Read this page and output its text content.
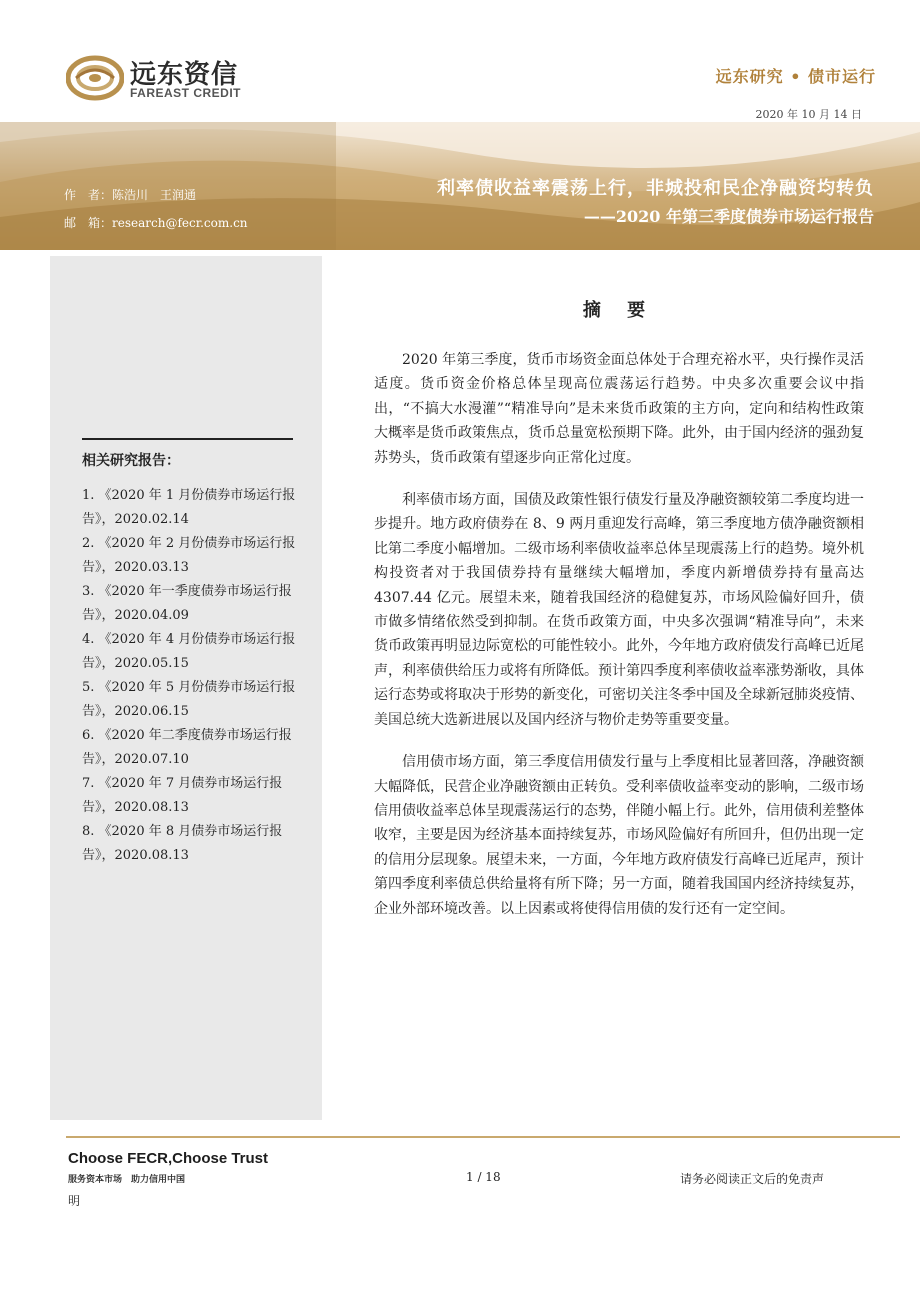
远东资信
FAREAST CREDIT
远东研究 • 债市运行
2020 年 10 月 14 日
作　者：陈浩川　王润通
邮　箱：research@fecr.com.cn
利率债收益率震荡上行，非城投和民企净融资均转负
——2020 年第三季度债券市场运行报告
相关研究报告：
1. 《2020 年 1 月份债券市场运行报告》，2020.02.14
2. 《2020 年 2 月份债券市场运行报告》，2020.03.13
3. 《2020 年一季度债券市场运行报告》，2020.04.09
4. 《2020 年 4 月份债券市场运行报告》，2020.05.15
5. 《2020 年 5 月份债券市场运行报告》，2020.06.15
6. 《2020 年二季度债券市场运行报告》，2020.07.10
7. 《2020 年 7 月债券市场运行报告》，2020.08.13
8. 《2020 年 8 月债券市场运行报告》，2020.08.13
摘 要

2020 年第三季度，货币市场资金面总体处于合理充裕水平，央行操作灵活适度。货币资金价格总体呈现高位震荡运行趋势。中央多次重要会议中指出，“不搞大水漫灌”“精准导向”是未来货币政策的主方向，定向和结构性政策大概率是货币政策焦点，货币总量宽松预期下降。此外，由于国内经济的强劲复苏势头，货币政策有望逐步向正常化过度。

利率债市场方面，国债及政策性银行债发行量及净融资额较第二季度均进一步提升。地方政府债券在 8、9 两月重迎发行高峰，第三季度地方债净融资额相比第二季度小幅增加。二级市场利率债收益率总体呈现震荡上行的趋势。境外机构投资者对于我国债券持有量继续大幅增加，季度内新增债券持有量高达 4307.44 亿元。展望未来，随着我国经济的稳健复苏，市场风险偏好回升，债市做多情绪依然受到抑制。在货币政策方面，中央多次强调“精准导向”，未来货币政策再明显边际宽松的可能性较小。此外，今年地方政府债发行高峰已近尾声，利率债供给压力或将有所降低。预计第四季度利率债收益率涨势渐收，具体运行态势或将取决于形势的新变化，可密切关注冬季中国及全球新冠肺炎疫情、美国总统大选新进展以及国内经济与物价走势等重要变量。

信用债市场方面，第三季度信用债发行量与上季度相比显著回落，净融资额大幅降低，民营企业净融资额由正转负。受利率债收益率变动的影响，二级市场信用债收益率总体呈现震荡运行的态势，伴随小幅上行。此外，信用债利差整体收窄，主要是因为经济基本面持续复苏，市场风险偏好有所回升，但仍出现一定的信用分层现象。展望未来，一方面，今年地方政府债发行高峰已近尾声，预计第四季度利率债总供给量将有所下降；另一方面，随着我国国内经济持续复苏，企业外部环境改善。以上因素或将使得信用债的发行还有一定空间。

Choose FECR,Choose Trust
服务资本市场　助力信用中国	1 / 18	请务必阅读正文后的免责声
明
